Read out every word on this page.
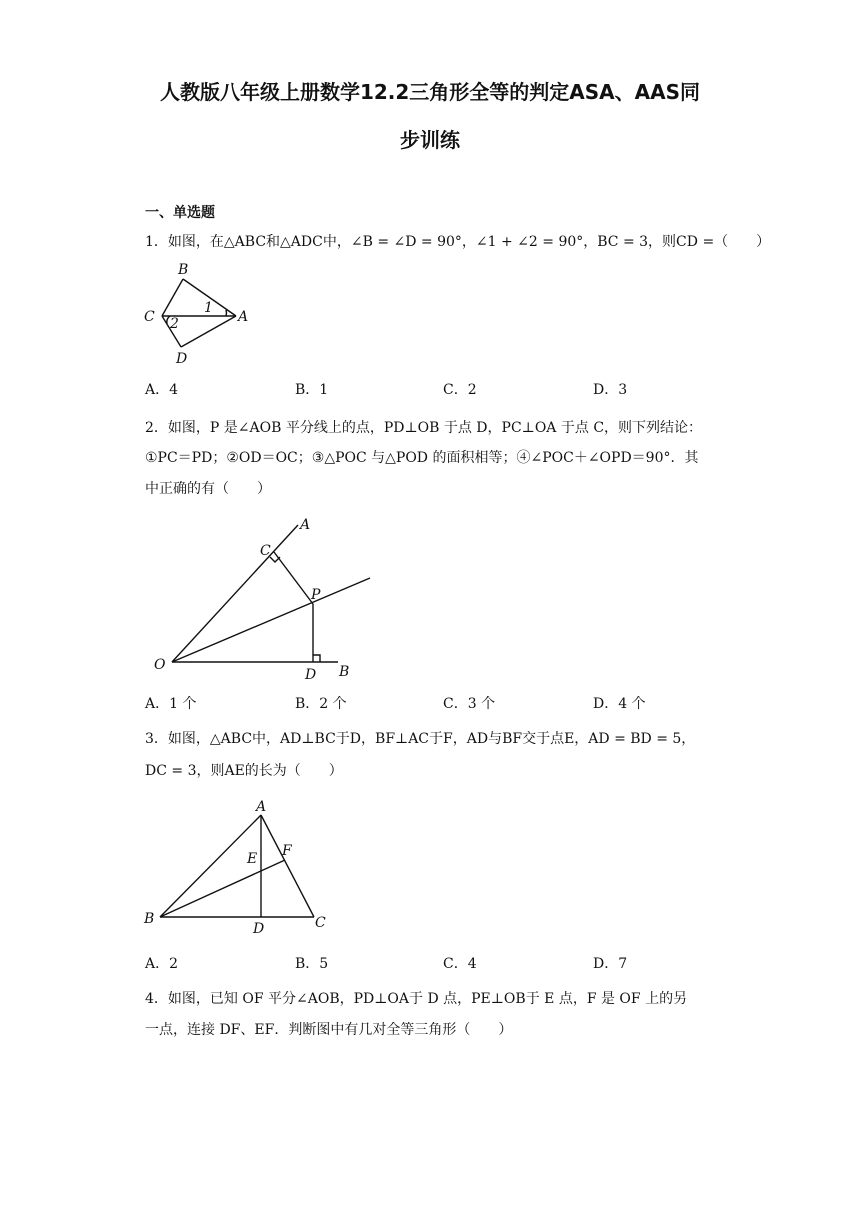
人教版八年级上册数学12.2三角形全等的判定ASA、AAS同
步训练
一、单选题
1．如图，在△ABC和△ADC中，∠B = ∠D = 90°，∠1 + ∠2 = 90°，BC = 3，则CD =（　　）
B
C	A
D
1
2
A．4	B．1	C．2	D．3
2．如图，P 是∠AOB 平分线上的点，PD⊥OB 于点 D，PC⊥OA 于点 C，则下列结论：
①PC＝PD；②OD＝OC；③△POC 与△POD 的面积相等；④∠POC＋∠OPD＝90°．其
中正确的有（　　）
A
C
P
O
D B
A．1 个	B．2 个	C．3 个	D．4 个
3．如图，△ABC中，AD⊥BC于D，BF⊥AC于F，AD与BF交于点E，AD = BD = 5，
DC = 3，则AE的长为（　　）
A
E F
B
D	C
A．2	B．5	C．4	D．7
4．如图，已知 OF 平分∠AOB，PD⊥OA于 D 点，PE⊥OB于 E 点，F 是 OF 上的另
一点，连接 DF、EF．判断图中有几对全等三角形（　　）
